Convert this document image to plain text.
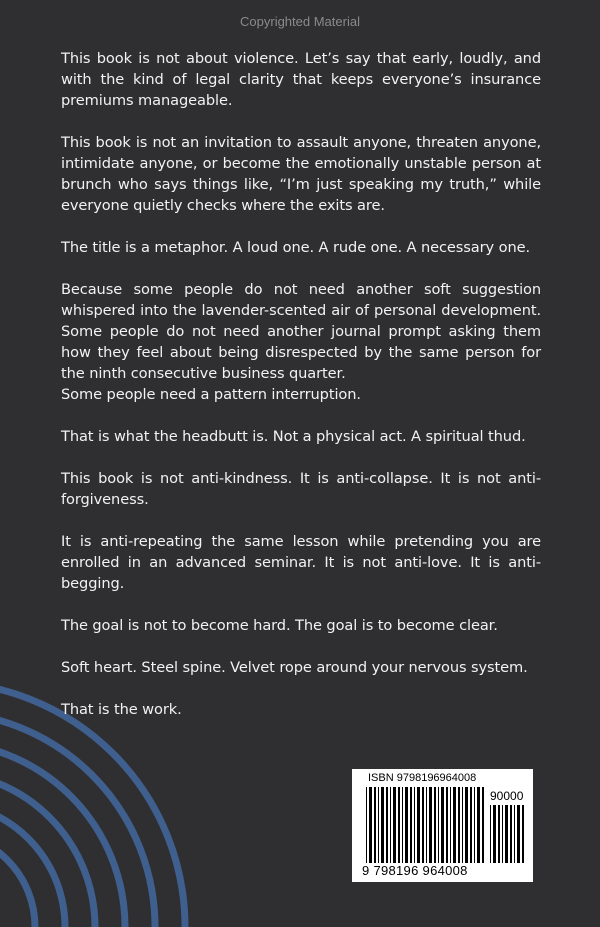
Copyrighted Material

This book is not about violence. Let’s say that early, loudly, and with the kind of legal clarity that keeps everyone’s insurance premiums manageable.

This book is not an invitation to assault anyone, threaten anyone, intimidate anyone, or become the emotionally unstable person at brunch who says things like, “I’m just speaking my truth,” while everyone quietly checks where the exits are.

The title is a metaphor. A loud one. A rude one. A necessary one.

Because some people do not need another soft suggestion whispered into the lavender-scented air of personal development. Some people do not need another journal prompt asking them how they feel about being disrespected by the same person for the ninth consecutive business quarter.

Some people need a pattern interruption.

That is what the headbutt is. Not a physical act. A spiritual thud.

This book is not anti-kindness. It is anti-collapse. It is not anti-forgiveness.

It is anti-repeating the same lesson while pretending you are enrolled in an advanced seminar. It is not anti-love. It is anti-begging.

The goal is not to become hard. The goal is to become clear.

Soft heart. Steel spine. Velvet rope around your nervous system.

That is the work.

ISBN 9798196964008
90000
9 798196 964008
